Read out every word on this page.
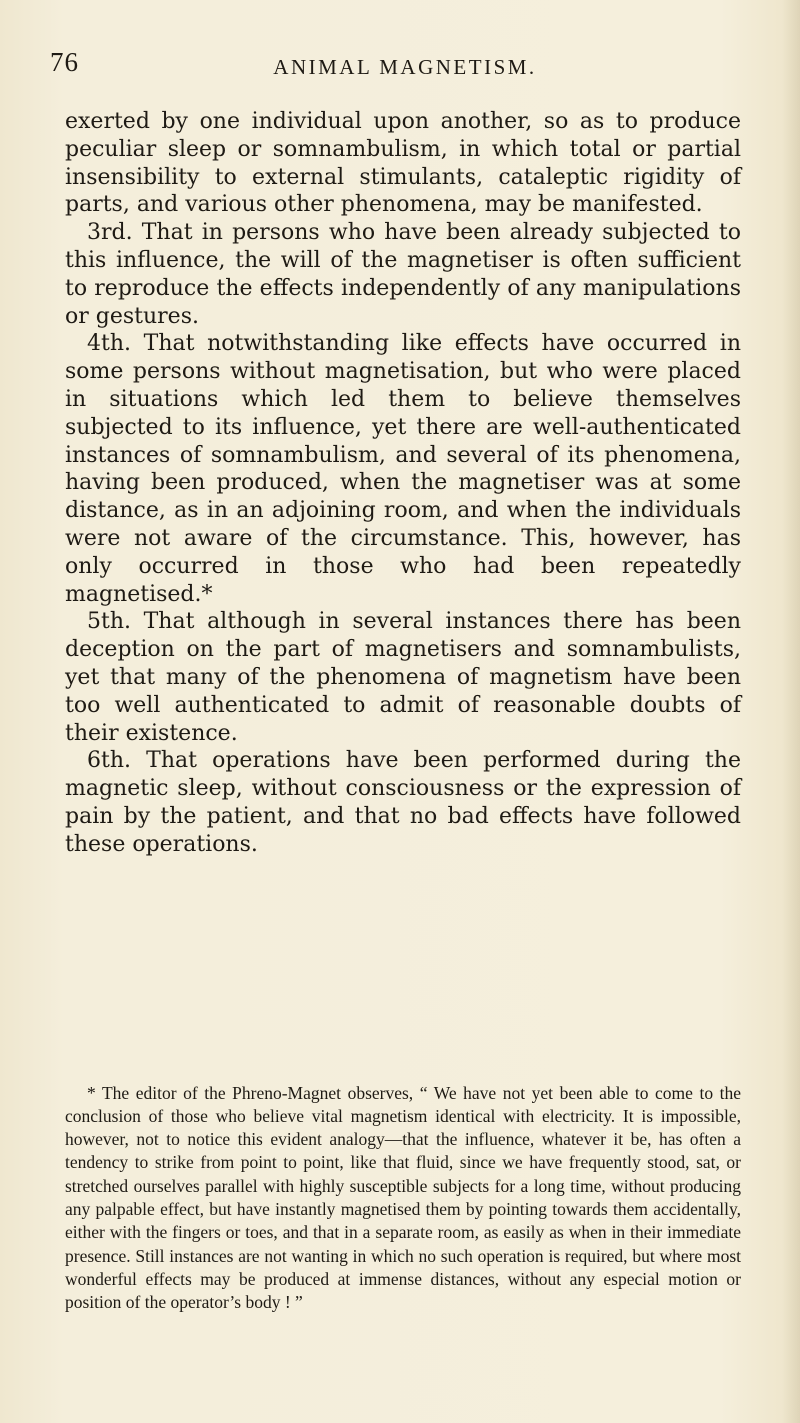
76	ANIMAL MAGNETISM.

exerted by one individual upon another, so as to produce peculiar sleep or somnambulism, in which total or partial insensibility to external stimulants, cataleptic rigidity of parts, and various other phenomena, may be manifested.

3rd. That in persons who have been already subjected to this influence, the will of the magnetiser is often sufficient to reproduce the effects independently of any manipulations or gestures.

4th. That notwithstanding like effects have occurred in some persons without magnetisation, but who were placed in situations which led them to believe themselves subjected to its influence, yet there are well-authenticated instances of somnambulism, and several of its phenomena, having been produced, when the magnetiser was at some distance, as in an adjoining room, and when the individuals were not aware of the circumstance. This, however, has only occurred in those who had been repeatedly magnetised.*

5th. That although in several instances there has been deception on the part of magnetisers and somnambulists, yet that many of the phenomena of magnetism have been too well authenticated to admit of reasonable doubts of their existence.

6th. That operations have been performed during the magnetic sleep, without consciousness or the expression of pain by the patient, and that no bad effects have followed these operations.

* The editor of the Phreno-Magnet observes, “ We have not yet been able to come to the conclusion of those who believe vital magnetism identical with electricity. It is impossible, however, not to notice this evident analogy—that the influence, whatever it be, has often a tendency to strike from point to point, like that fluid, since we have frequently stood, sat, or stretched ourselves parallel with highly susceptible subjects for a long time, without producing any palpable effect, but have instantly magnetised them by pointing towards them accidentally, either with the fingers or toes, and that in a separate room, as easily as when in their immediate presence. Still instances are not wanting in which no such operation is required, but where most wonderful effects may be produced at immense distances, without any especial motion or position of the operator’s body ! ”
